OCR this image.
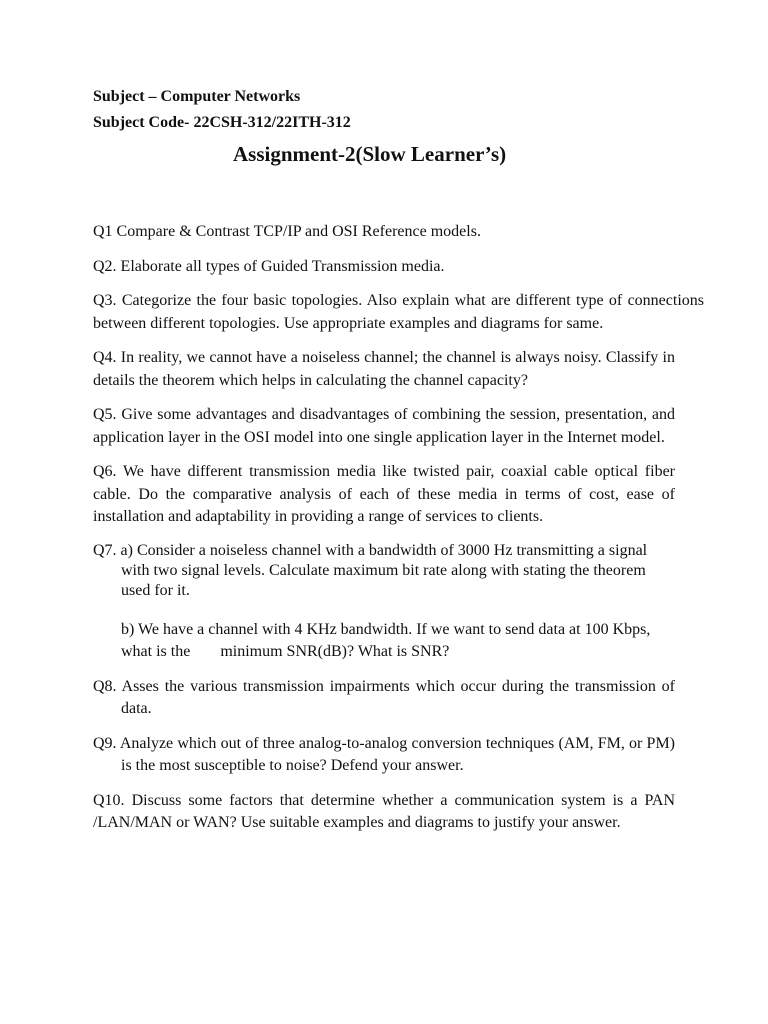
Subject – Computer Networks

Subject Code- 22CSH-312/22ITH-312

Assignment-2(Slow Learner’s)

Q1 Compare & Contrast TCP/IP and OSI Reference models.

Q2. Elaborate all types of Guided Transmission media.

Q3. Categorize the four basic topologies. Also explain what are different type of connections between different topologies. Use appropriate examples and diagrams for same.

Q4. In reality, we cannot have a noiseless channel; the channel is always noisy. Classify in details the theorem which helps in calculating the channel capacity?

Q5. Give some advantages and disadvantages of combining the session, presentation, and application layer in the OSI model into one single application layer in the Internet model.

Q6. We have different transmission media like twisted pair, coaxial cable optical fiber cable. Do the comparative analysis of each of these media in terms of cost, ease of installation and adaptability in providing a range of services to clients.

Q7. a) Consider a noiseless channel with a bandwidth of 3000 Hz transmitting a signal with two signal levels. Calculate maximum bit rate along with stating the theorem used for it.

b) We have a channel with 4 KHz bandwidth. If we want to send data at 100 Kbps, what is the minimum SNR(dB)? What is SNR?

Q8. Asses the various transmission impairments which occur during the transmission of data.

Q9. Analyze which out of three analog-to-analog conversion techniques (AM, FM, or PM) is the most susceptible to noise? Defend your answer.

Q10. Discuss some factors that determine whether a communication system is a PAN /LAN/MAN or WAN? Use suitable examples and diagrams to justify your answer.
